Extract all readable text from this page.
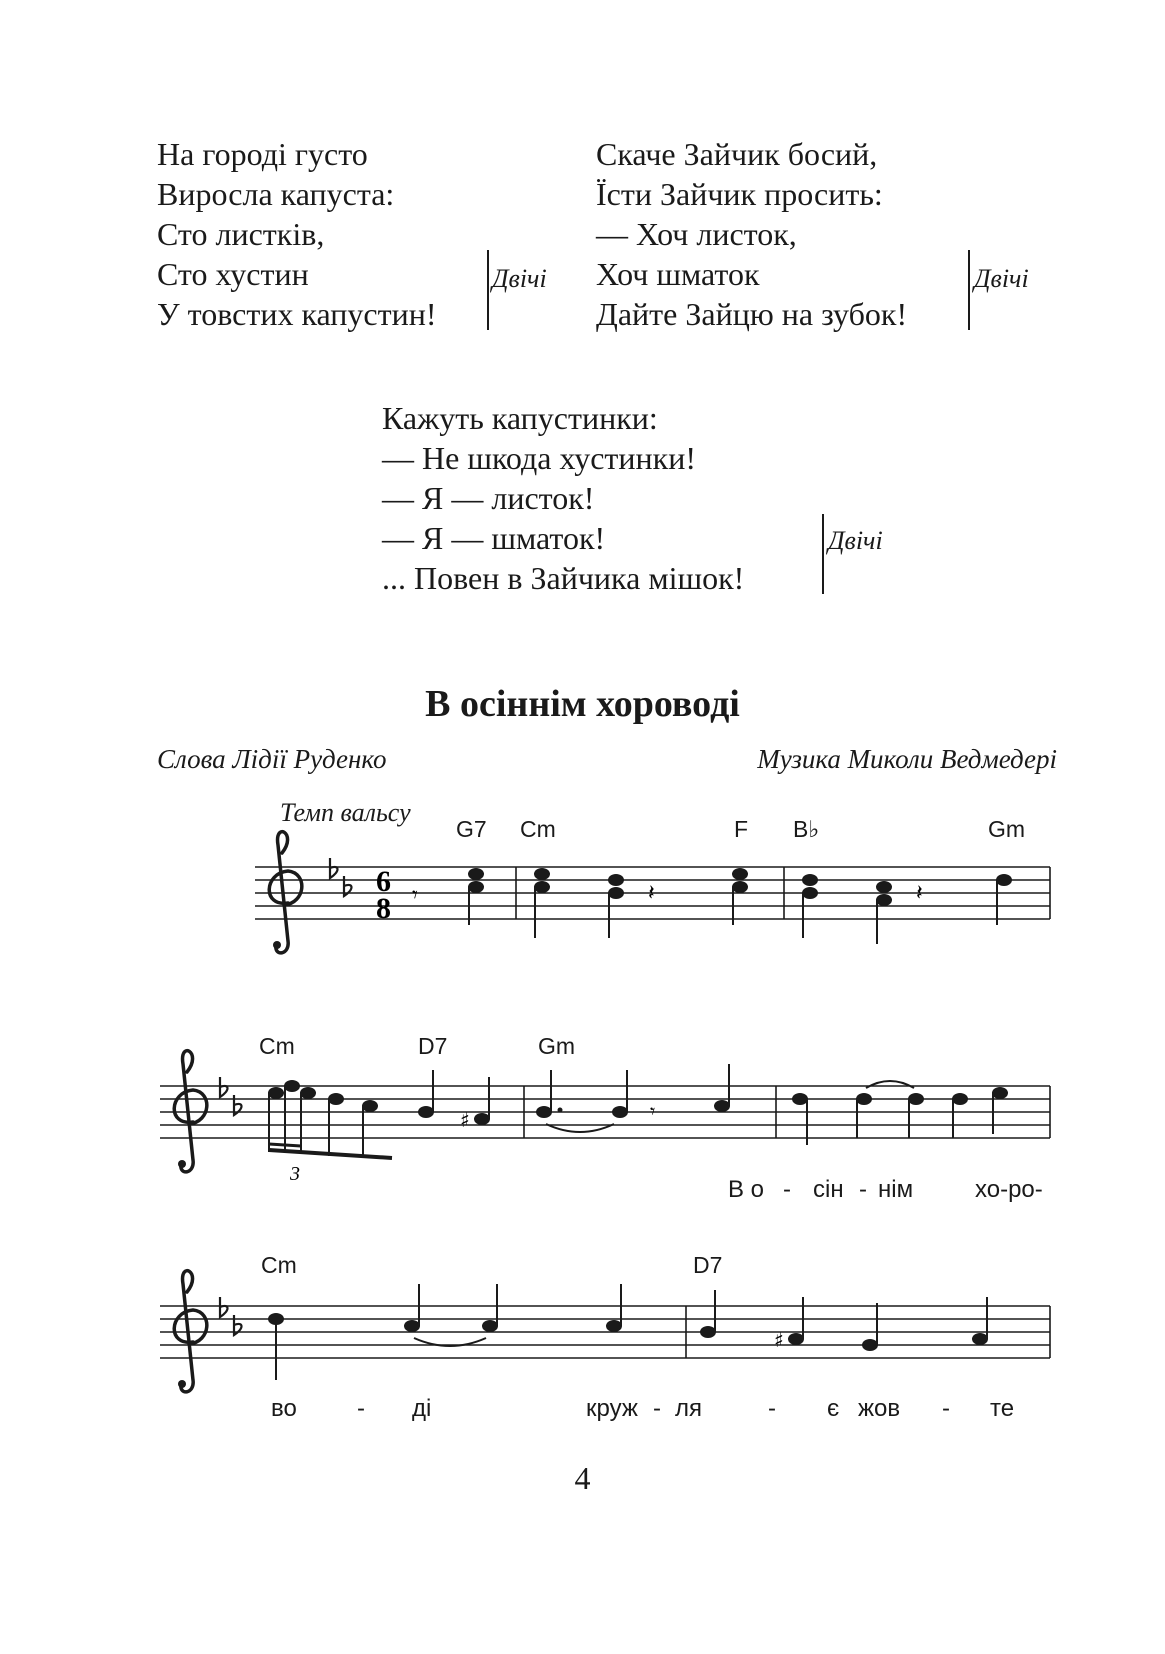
На городі густо
Виросла капуста:
Сто листків,
Сто хустин
У товстих капустин!
Двічі
Скаче Зайчик босий,
Їсти Зайчик просить:
— Хоч листок,
Хоч шматок
Дайте Зайцю на зубок!
Двічі
Кажуть капустинки:
— Не шкода хустинки!
— Я — листок!
— Я — шматок!
... Повен в Зайчика мішок!
Двічі
В осіннім хороводі
Слова Лідії Руденко	Музика Миколи Ведмедері
Темп вальсу
G7 Cm	F B♭	Gm
Cm	D7	Gm
Cm	D7
В о - сін - нім	хо-ро-
во	- ді	круж - ля	- є жов - те
6
8 𝄾	𝄽	𝄽
3
♯	𝄾
♯
4
